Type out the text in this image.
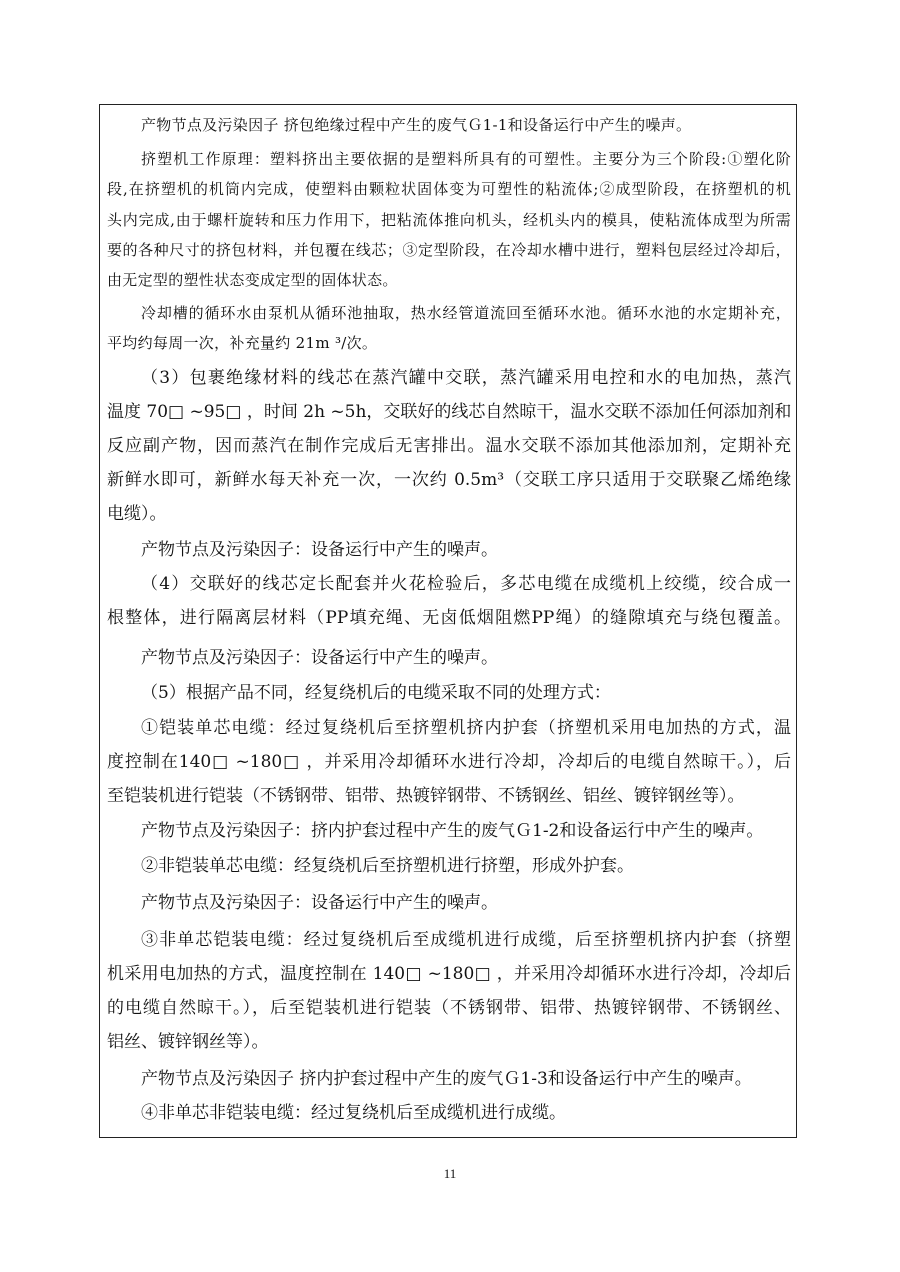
产物节点及污染因子 挤包绝缘过程中产生的废气Ｇ1-1和设备运行中产生的噪声。
挤塑机工作原理：塑料挤出主要依据的是塑料所具有的可塑性。主要分为三个阶段:①塑化阶
段,在挤塑机的机筒内完成，使塑料由颗粒状固体变为可塑性的粘流体;②成型阶段，在挤塑机的机
头内完成,由于螺杆旋转和压力作用下，把粘流体推向机头，经机头内的模具，使粘流体成型为所需
要的各种尺寸的挤包材料，并包覆在线芯；③定型阶段，在冷却水槽中进行，塑料包层经过冷却后，
由无定型的塑性状态变成定型的固体状态。
冷却槽的循环水由泵机从循环池抽取，热水经管道流回至循环水池。循环水池的水定期补充，
平均约每周一次，补充量约 21m ³/次。
（3）包裹绝缘材料的线芯在蒸汽罐中交联，蒸汽罐采用电控和水的电加热，蒸汽
温度 70□ ~95□ ，时间 2h ~5h，交联好的线芯自然晾干，温水交联不添加任何添加剂和
反应副产物，因而蒸汽在制作完成后无害排出。温水交联不添加其他添加剂，定期补充
新鲜水即可，新鲜水每天补充一次，一次约 0.5m³（交联工序只适用于交联聚乙烯绝缘
电缆）。
产物节点及污染因子：设备运行中产生的噪声。
（4）交联好的线芯定长配套并火花检验后，多芯电缆在成缆机上绞缆，绞合成一
根整体，进行隔离层材料（PP填充绳、无卤低烟阻燃PP绳）的缝隙填充与绕包覆盖。
产物节点及污染因子：设备运行中产生的噪声。
（5）根据产品不同，经复绕机后的电缆采取不同的处理方式：
①铠装单芯电缆：经过复绕机后至挤塑机挤内护套（挤塑机采用电加热的方式，温
度控制在140□ ~180□ ，并采用冷却循环水进行冷却，冷却后的电缆自然晾干。），后
至铠装机进行铠装（不锈钢带、铝带、热镀锌钢带、不锈钢丝、铝丝、镀锌钢丝等）。
产物节点及污染因子：挤内护套过程中产生的废气Ｇ1-2和设备运行中产生的噪声。
②非铠装单芯电缆：经复绕机后至挤塑机进行挤塑，形成外护套。
产物节点及污染因子：设备运行中产生的噪声。
③非单芯铠装电缆：经过复绕机后至成缆机进行成缆，后至挤塑机挤内护套（挤塑
机采用电加热的方式，温度控制在 140□ ~180□ ，并采用冷却循环水进行冷却，冷却后
的电缆自然晾干。），后至铠装机进行铠装（不锈钢带、铝带、热镀锌钢带、不锈钢丝、
铝丝、镀锌钢丝等）。
产物节点及污染因子 挤内护套过程中产生的废气Ｇ1-3和设备运行中产生的噪声。
④非单芯非铠装电缆：经过复绕机后至成缆机进行成缆。
11
